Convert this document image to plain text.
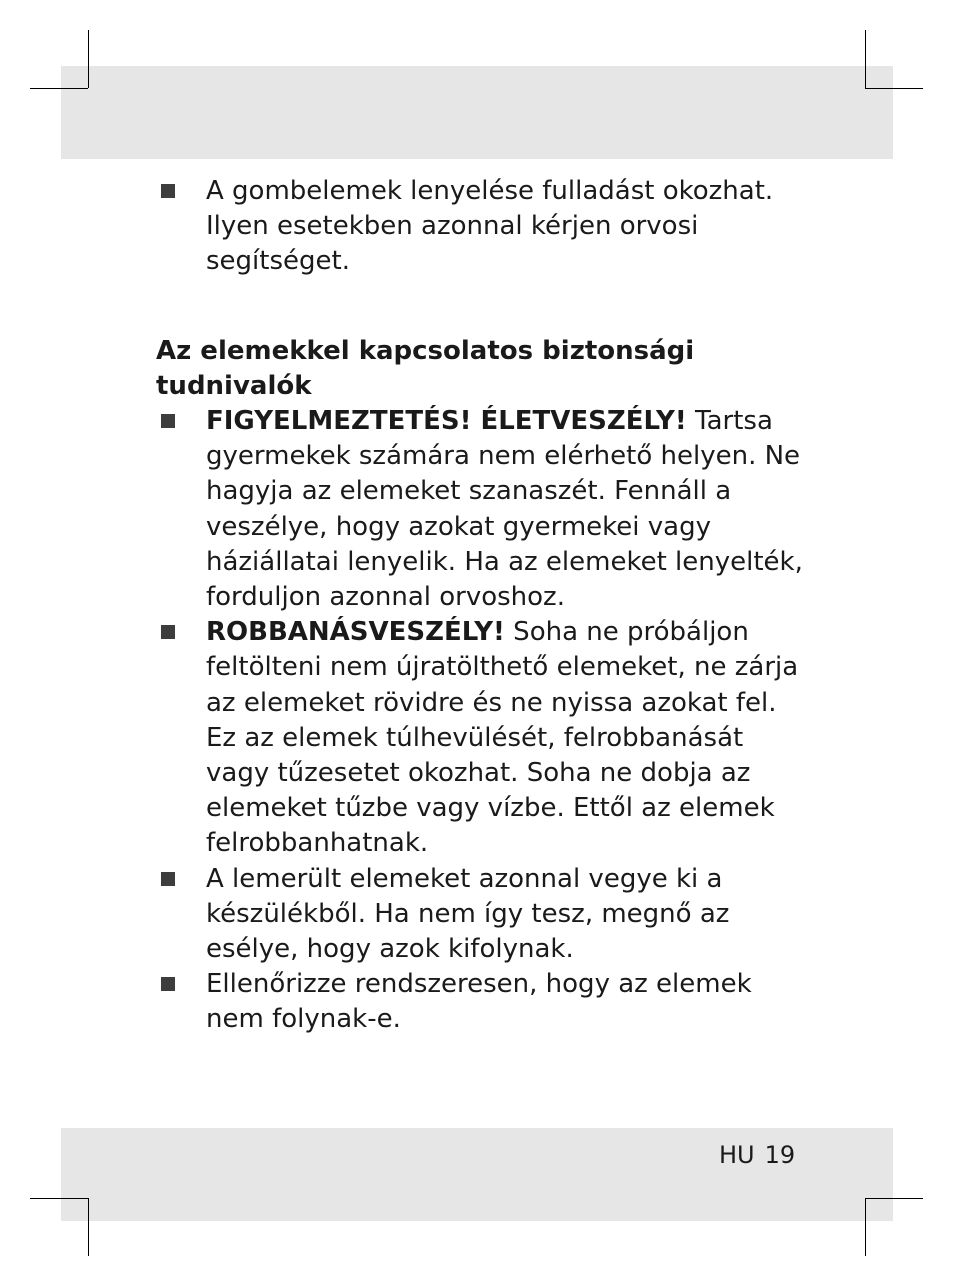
A gombelemek lenyelése fulladást okozhat. Ilyen esetekben azonnal kérjen orvosi segítséget.

Az elemekkel kapcsolatos biztonsági tudnivalók

FIGYELMEZTETÉS! ÉLETVESZÉLY! Tartsa gyermekek számára nem elérhető helyen. Ne hagyja az elemeket szanaszét. Fennáll a veszélye, hogy azokat gyermekei vagy háziállatai lenyelik. Ha az elemeket lenyelték, forduljon azonnal orvoshoz.
ROBBANÁSVESZÉLY! Soha ne próbáljon feltölteni nem újratölthető elemeket, ne zárja az elemeket rövidre és ne nyissa azokat fel. Ez az elemek túlhevülését, felrobbanását vagy tűzesetet okozhat. Soha ne dobja az elemeket tűzbe vagy vízbe. Ettől az elemek felrobbanhatnak.
A lemerült elemeket azonnal vegye ki a készülékből. Ha nem így tesz, megnő az esélye, hogy azok kifolynak.
Ellenőrizze rendszeresen, hogy az elemek nem folynak-e.
HU 19
